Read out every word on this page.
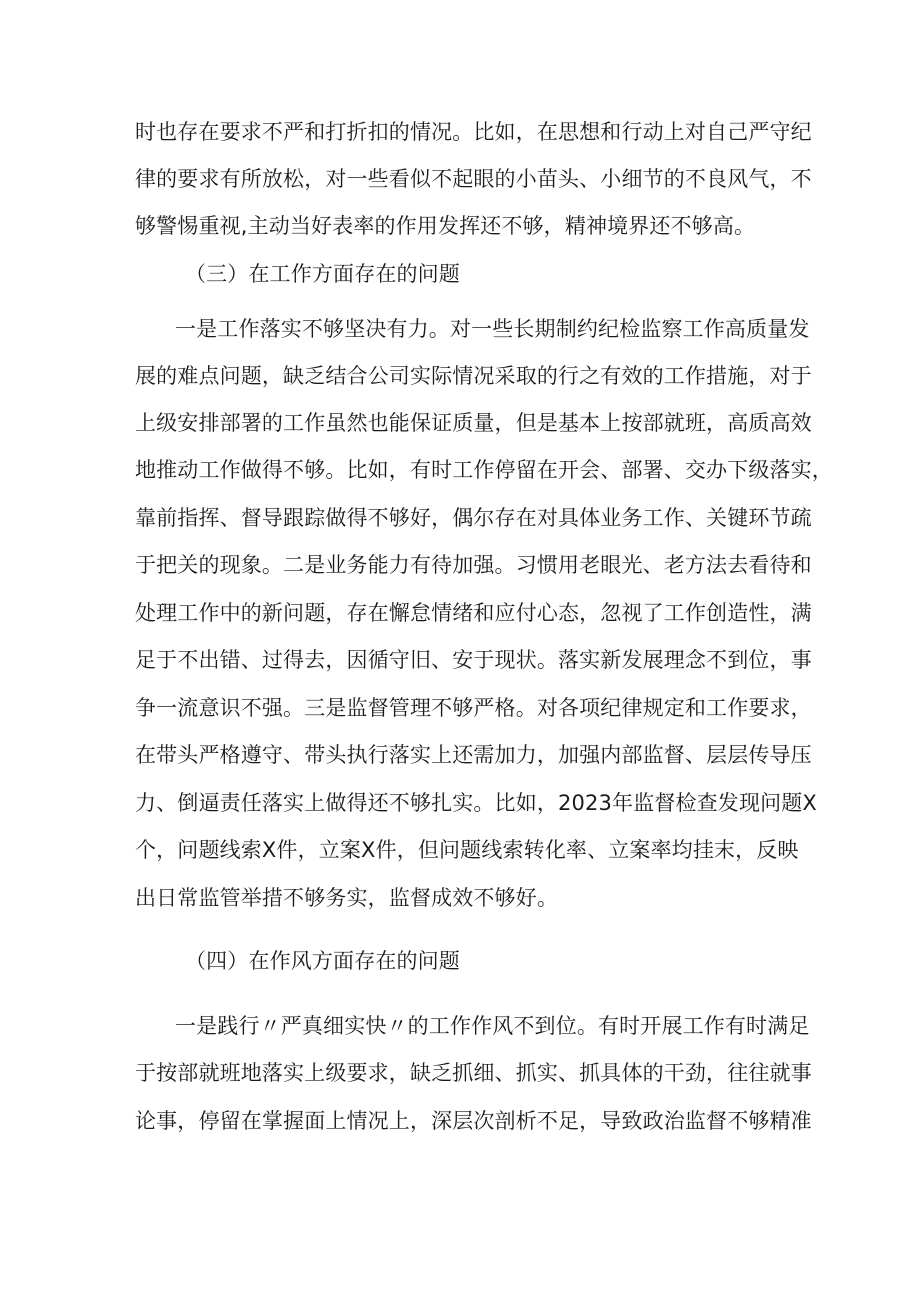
时也存在要求不严和打折扣的情况。比如，在思想和行动上对自己严守纪
律的要求有所放松，对一些看似不起眼的小苗头、小细节的不良风气，不
够警惕重视,主动当好表率的作用发挥还不够，精神境界还不够高。
（三）在工作方面存在的问题
一是工作落实不够坚决有力。对一些长期制约纪检监察工作高质量发
展的难点问题，缺乏结合公司实际情况采取的行之有效的工作措施，对于
上级安排部署的工作虽然也能保证质量，但是基本上按部就班，高质高效
地推动工作做得不够。比如，有时工作停留在开会、部署、交办下级落实，
靠前指挥、督导跟踪做得不够好，偶尔存在对具体业务工作、关键环节疏
于把关的现象。二是业务能力有待加强。习惯用老眼光、老方法去看待和
处理工作中的新问题，存在懈怠情绪和应付心态，忽视了工作创造性，满
足于不出错、过得去，因循守旧、安于现状。落实新发展理念不到位，事
争一流意识不强。三是监督管理不够严格。对各项纪律规定和工作要求，
在带头严格遵守、带头执行落实上还需加力，加强内部监督、层层传导压
力、倒逼责任落实上做得还不够扎实。比如，2023年监督检查发现问题X
个，问题线索X件，立案X件，但问题线索转化率、立案率均挂末，反映
出日常监管举措不够务实，监督成效不够好。
（四）在作风方面存在的问题
一是践行〃严真细实快〃的工作作风不到位。有时开展工作有时满足
于按部就班地落实上级要求，缺乏抓细、抓实、抓具体的干劲，往往就事
论事，停留在掌握面上情况上，深层次剖析不足，导致政治监督不够精准
